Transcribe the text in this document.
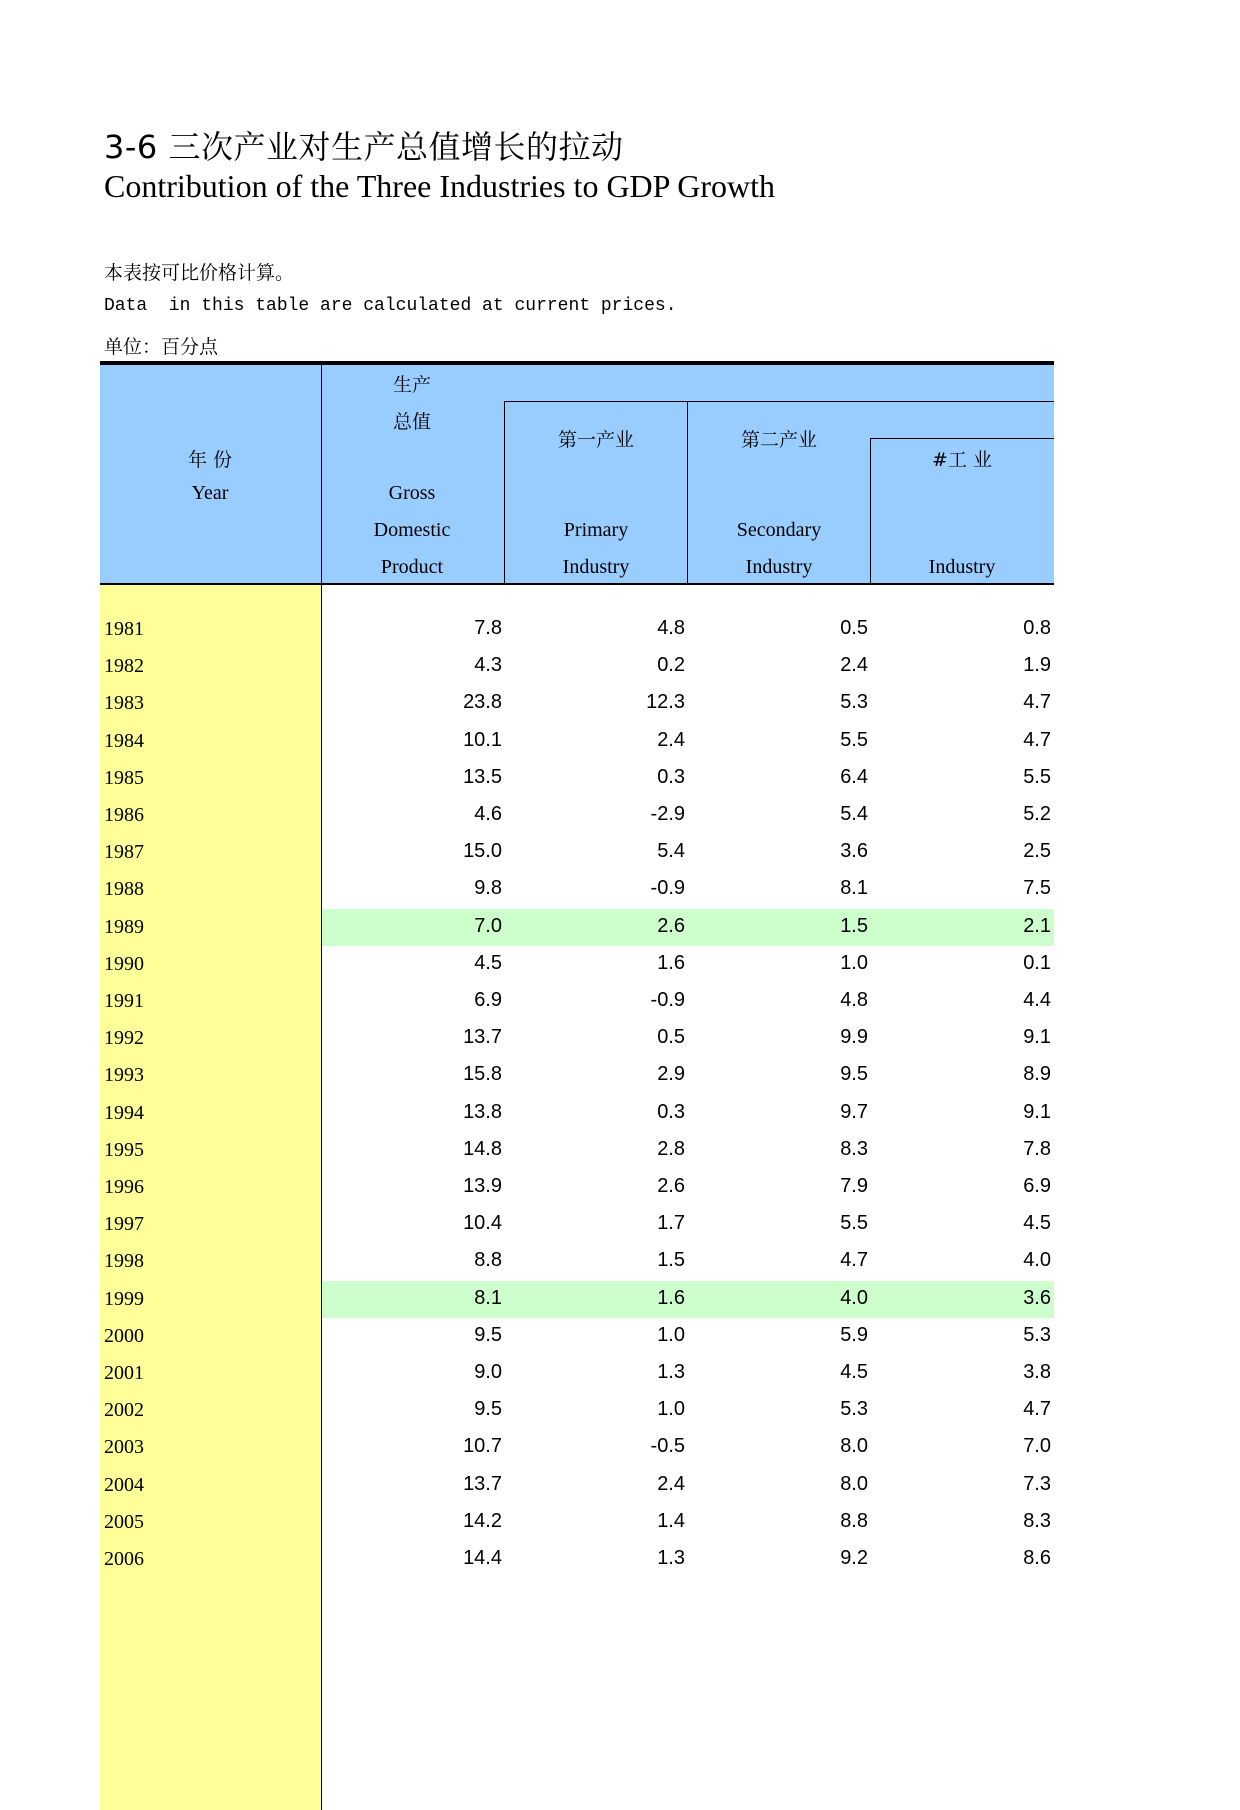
3-6 三次产业对生产总值增长的拉动
Contribution of the Three Industries to GDP Growth
本表按可比价格计算。
Data  in this table are calculated at current prices.
单位：百分点
年 份
Year
生产
总值
Gross
Domestic
Product
第一产业
Primary
Industry
第二产业
Secondary
Industry
#工 业
Industry
1981	7.8	4.8	0.5	0.8
1982	4.3	0.2	2.4	1.9
1983	23.8	12.3	5.3	4.7
1984	10.1	2.4	5.5	4.7
1985	13.5	0.3	6.4	5.5
1986	4.6	-2.9	5.4	5.2
1987	15.0	5.4	3.6	2.5
1988	9.8	-0.9	8.1	7.5
1989	7.0	2.6	1.5	2.1
1990	4.5	1.6	1.0	0.1
1991	6.9	-0.9	4.8	4.4
1992	13.7	0.5	9.9	9.1
1993	15.8	2.9	9.5	8.9
1994	13.8	0.3	9.7	9.1
1995	14.8	2.8	8.3	7.8
1996	13.9	2.6	7.9	6.9
1997	10.4	1.7	5.5	4.5
1998	8.8	1.5	4.7	4.0
1999	8.1	1.6	4.0	3.6
2000	9.5	1.0	5.9	5.3
2001	9.0	1.3	4.5	3.8
2002	9.5	1.0	5.3	4.7
2003	10.7	-0.5	8.0	7.0
2004	13.7	2.4	8.0	7.3
2005	14.2	1.4	8.8	8.3
2006	14.4	1.3	9.2	8.6
